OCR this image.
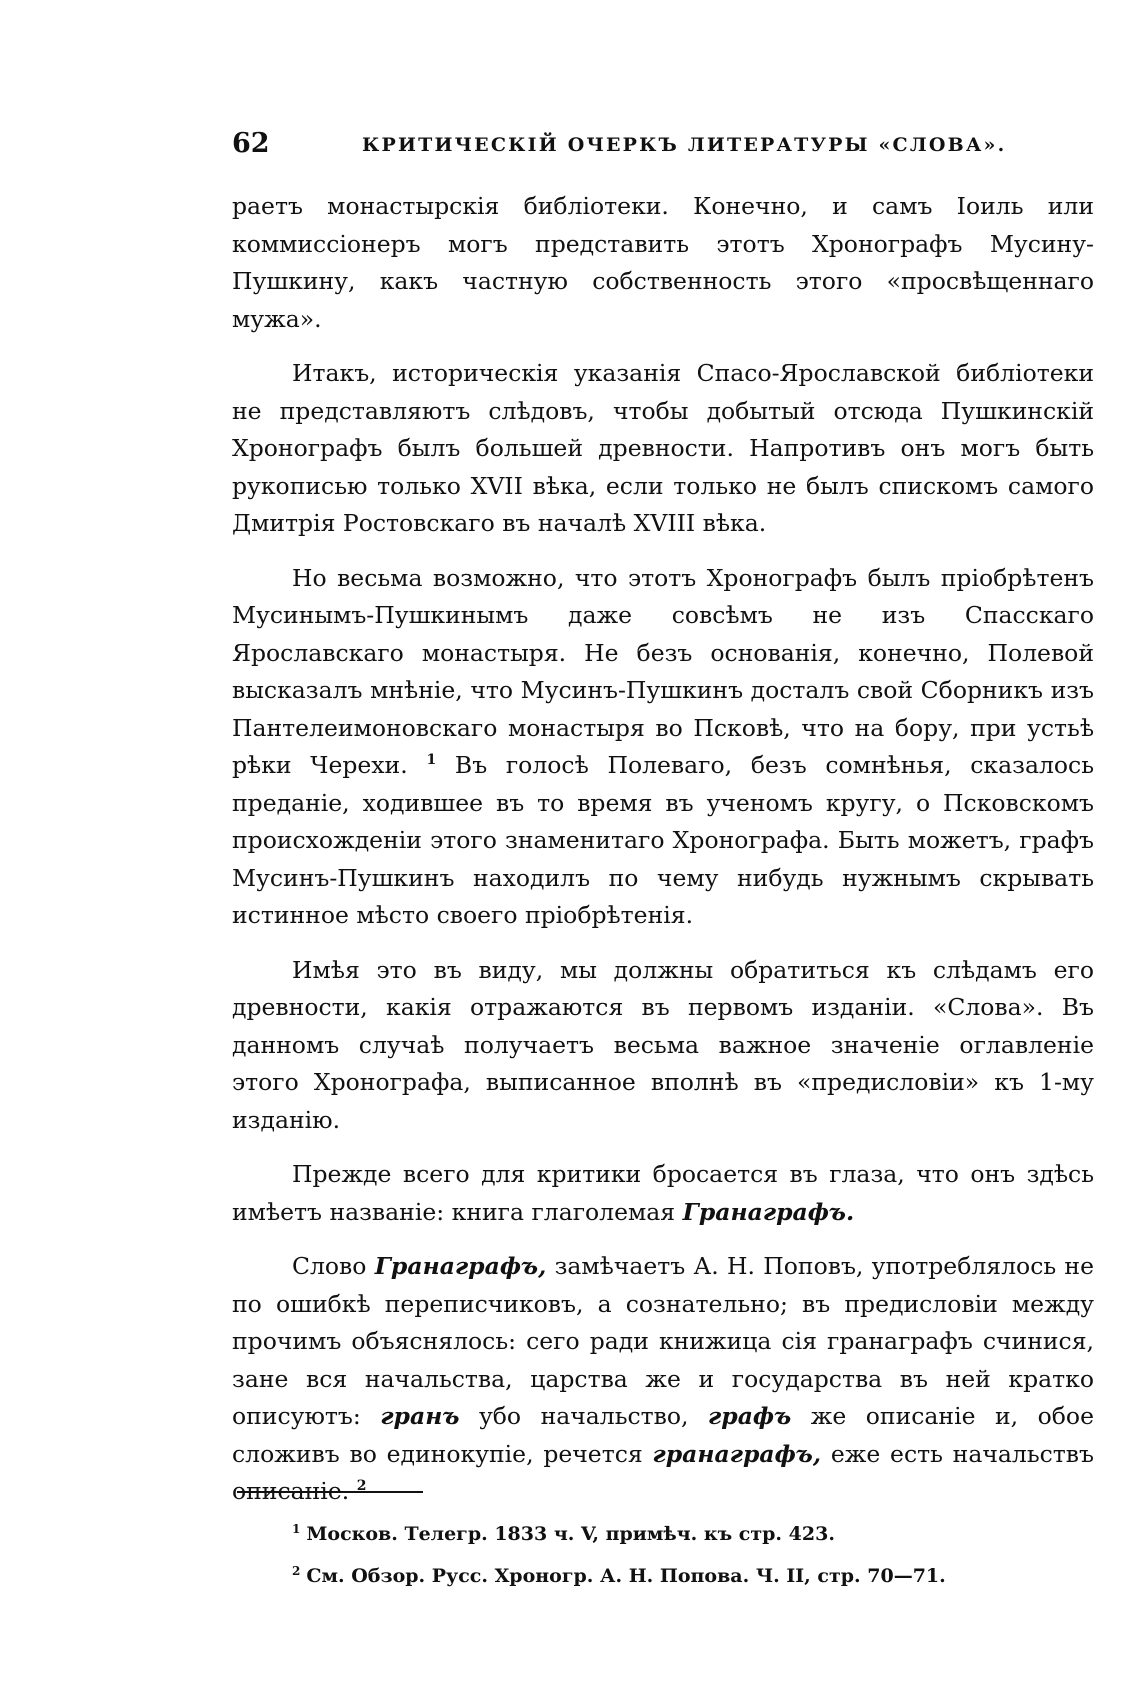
62	КРИТИЧЕСКІЙ ОЧЕРКЪ ЛИТЕРАТУРЫ «СЛОВА».

раетъ монастырскія библіотеки. Конечно, и самъ Іоиль или коммиссіонеръ могъ представить этотъ Хронографъ Мусину-Пушкину, какъ частную собственность этого «просвѣщеннаго мужа».

Итакъ, историческія указанія Спасо-Ярославской библіотеки не представляютъ слѣдовъ, чтобы добытый отсюда Пушкинскій Хронографъ былъ большей древности. Напротивъ онъ могъ быть рукописью только XVII вѣка, если только не былъ спискомъ самого Дмитрія Ростовскаго въ началѣ XVIII вѣка.

Но весьма возможно, что этотъ Хронографъ былъ пріобрѣтенъ Мусинымъ-Пушкинымъ даже совсѣмъ не изъ Спасскаго Ярославскаго монастыря. Не безъ основанія, конечно, Полевой высказалъ мнѣніе, что Мусинъ-Пушкинъ досталъ свой Сборникъ изъ Пантелеимоновскаго монастыря во Псковѣ, что на бору, при устьѣ рѣки Черехи. $^1$ Въ голосѣ Полеваго, безъ сомнѣнья, сказалось преданіе, ходившее въ то время въ ученомъ кругу, о Псковскомъ происхожденіи этого знаменитаго Хронографа. Быть можетъ, графъ Мусинъ-Пушкинъ находилъ по чему нибудь нужнымъ скрывать истинное мѣсто своего пріобрѣтенія.

Имѣя это въ виду, мы должны обратиться къ слѣдамъ его древности, какія отражаются въ первомъ изданіи. «Слова». Въ данномъ случаѣ получаетъ весьма важное значеніе оглавленіе этого Хронографа, выписанное вполнѣ въ «предисловіи» къ 1-му изданію.

Прежде всего для критики бросается въ глаза, что онъ здѣсь имѣетъ названіе: книга глаголемая Гранаграфъ.

Слово Гранаграфъ, замѣчаетъ А. Н. Поповъ, употреблялось не по ошибкѣ переписчиковъ, а сознательно; въ предисловіи между прочимъ объяснялось: сего ради книжица сія гранаграфъ счинися, зане вся начальства, царства же и государства въ ней кратко описуютъ: гранъ убо начальство, графъ же описаніе и, обое сложивъ во единокупіе, речется гранаграфъ, еже есть начальствъ описаніе. $^2$

$^1$ Москов. Телегр. 1833 ч. V, примѣч. къ стр. 423.
$^2$ См. Обзор. Русс. Хроногр. А. Н. Попова. Ч. II, стр. 70—71.
